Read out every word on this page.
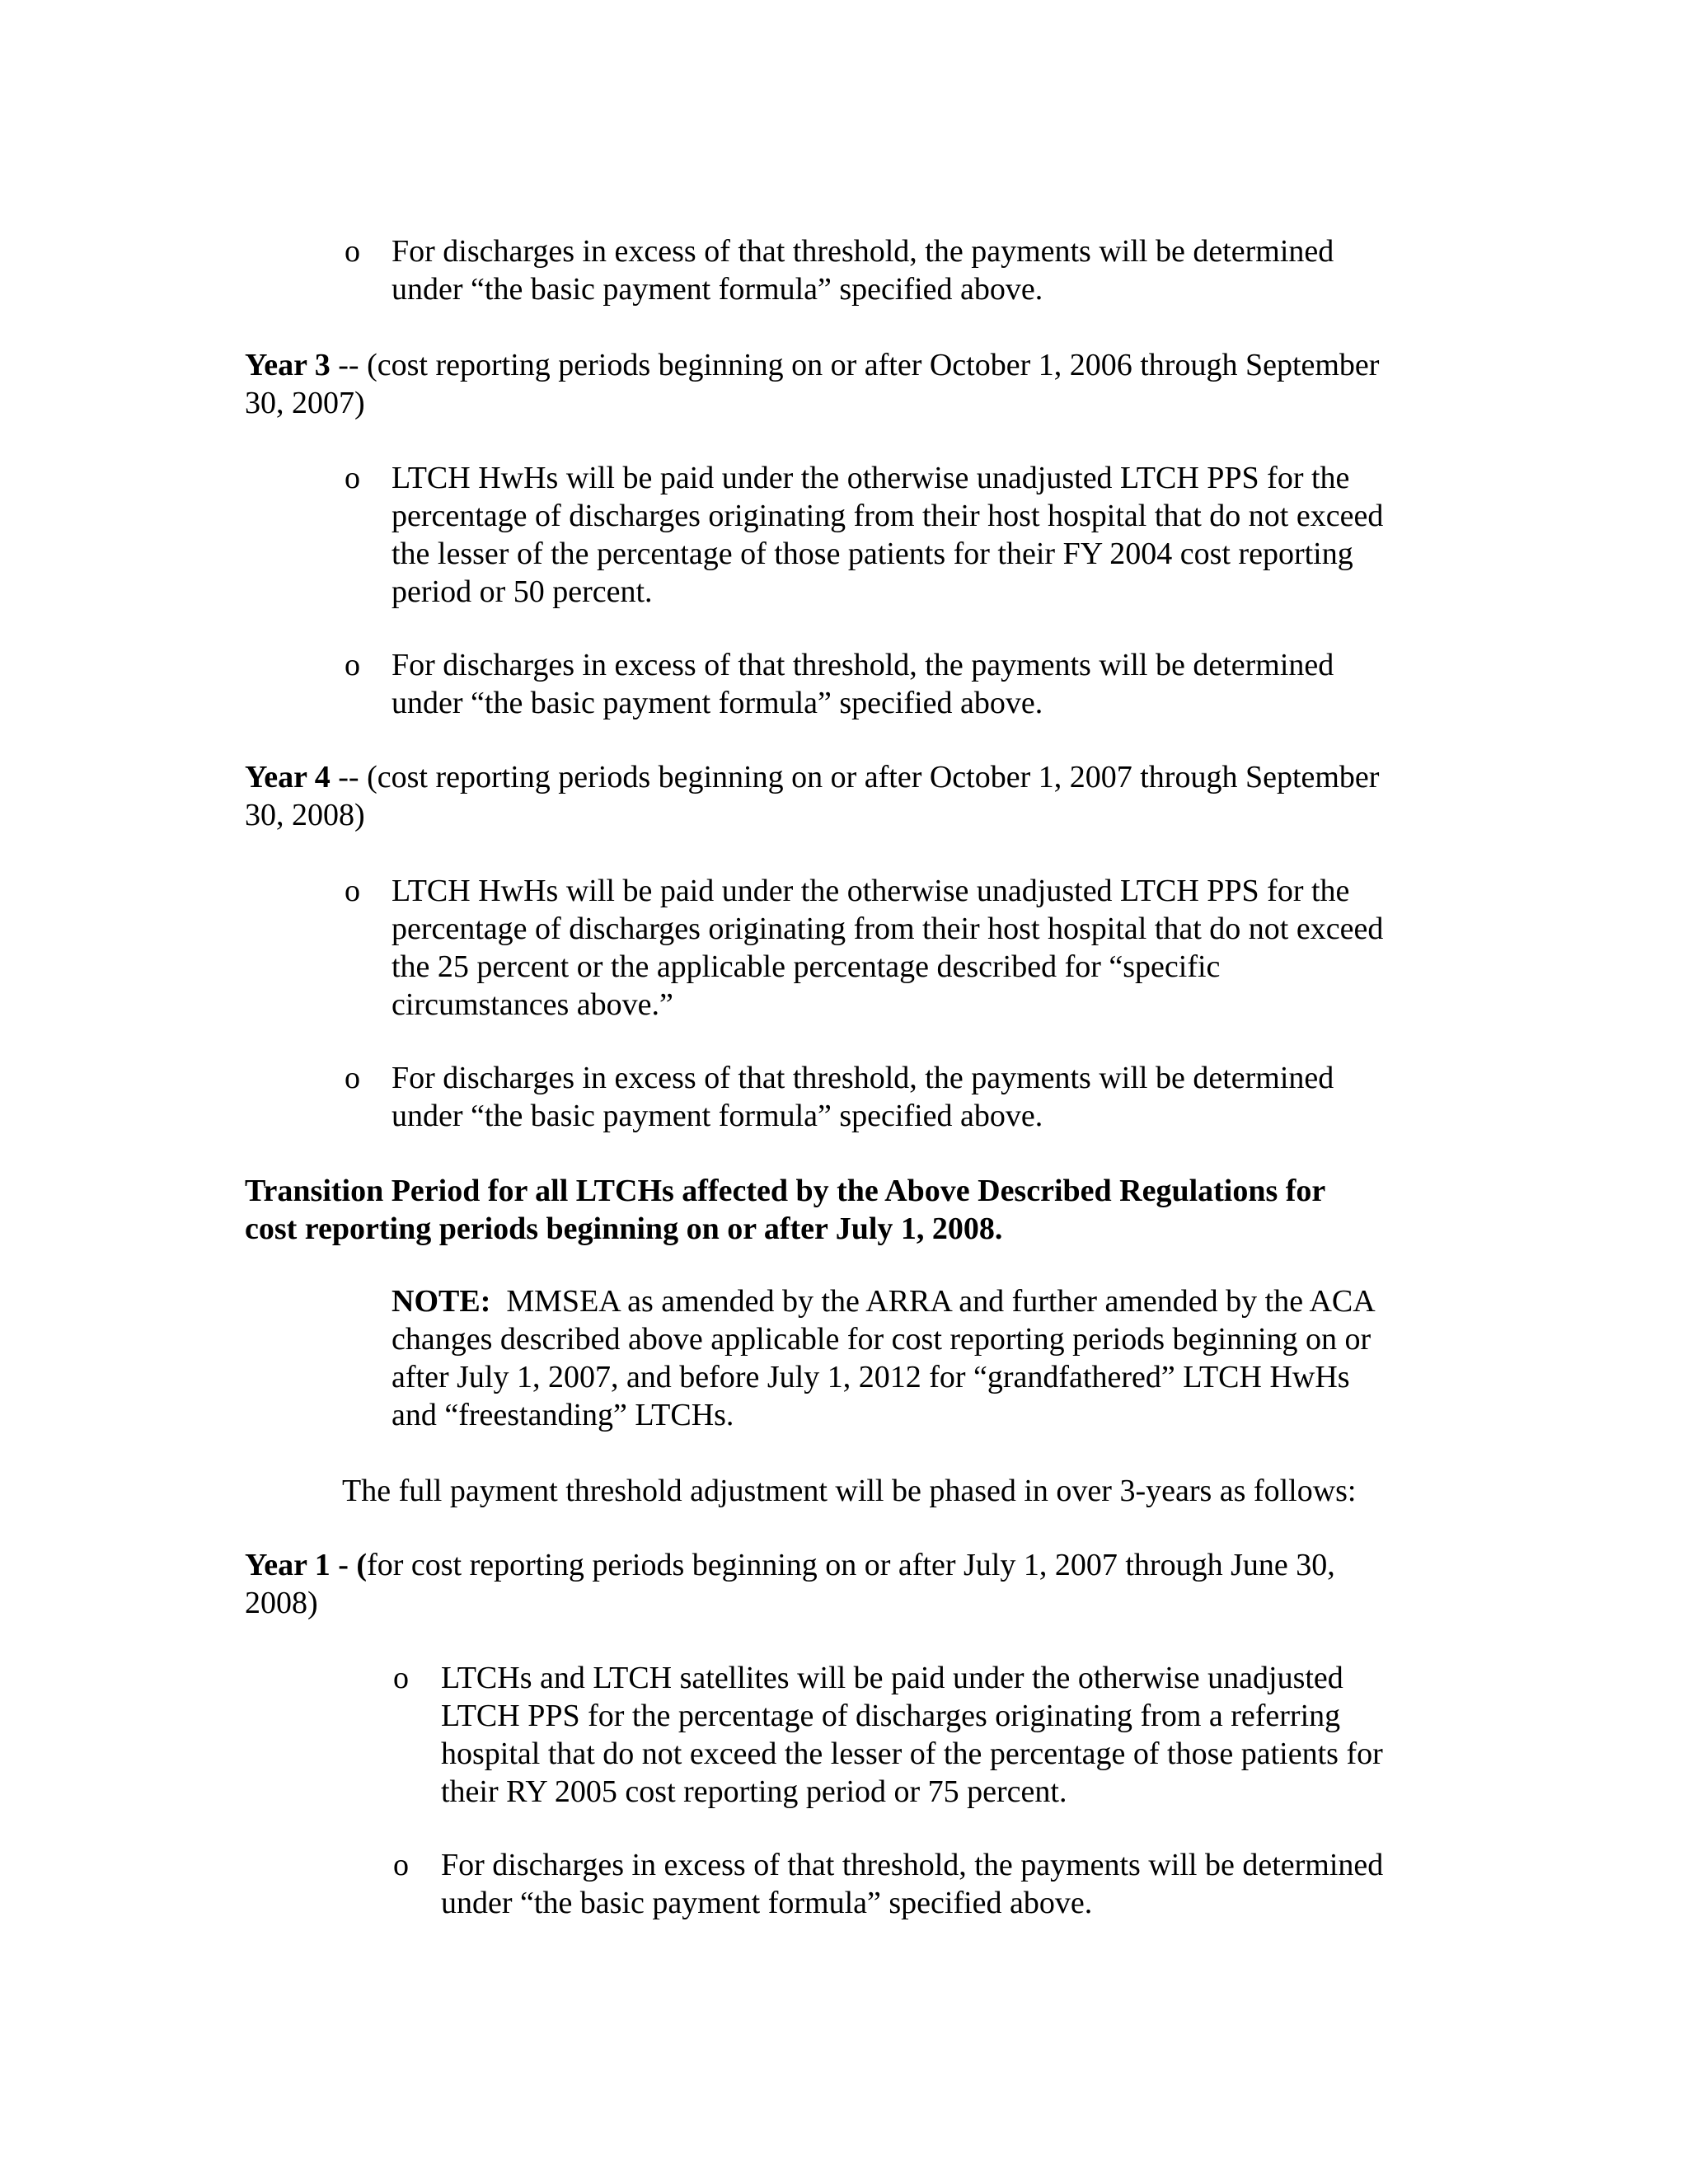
o For discharges in excess of that threshold, the payments will be determined

under “the basic payment formula” specified above.

Year 3 -- (cost reporting periods beginning on or after October 1, 2006 through September

30, 2007)

o LTCH HwHs will be paid under the otherwise unadjusted LTCH PPS for the

percentage of discharges originating from their host hospital that do not exceed

the lesser of the percentage of those patients for their FY 2004 cost reporting

period or 50 percent.

o For discharges in excess of that threshold, the payments will be determined

under “the basic payment formula” specified above.

Year 4 -- (cost reporting periods beginning on or after October 1, 2007 through September

30, 2008)

o LTCH HwHs will be paid under the otherwise unadjusted LTCH PPS for the

percentage of discharges originating from their host hospital that do not exceed

the 25 percent or the applicable percentage described for “specific

circumstances above.”

o For discharges in excess of that threshold, the payments will be determined

under “the basic payment formula” specified above.

Transition Period for all LTCHs affected by the Above Described Regulations for

cost reporting periods beginning on or after July 1, 2008.

NOTE:  MMSEA as amended by the ARRA and further amended by the ACA

changes described above applicable for cost reporting periods beginning on or

after July 1, 2007, and before July 1, 2012 for “grandfathered” LTCH HwHs

and “freestanding” LTCHs.

The full payment threshold adjustment will be phased in over 3-years as follows:

Year 1 - (for cost reporting periods beginning on or after July 1, 2007 through June 30,

2008)

o LTCHs and LTCH satellites will be paid under the otherwise unadjusted

LTCH PPS for the percentage of discharges originating from a referring

hospital that do not exceed the lesser of the percentage of those patients for

their RY 2005 cost reporting period or 75 percent.

o For discharges in excess of that threshold, the payments will be determined

under “the basic payment formula” specified above.
